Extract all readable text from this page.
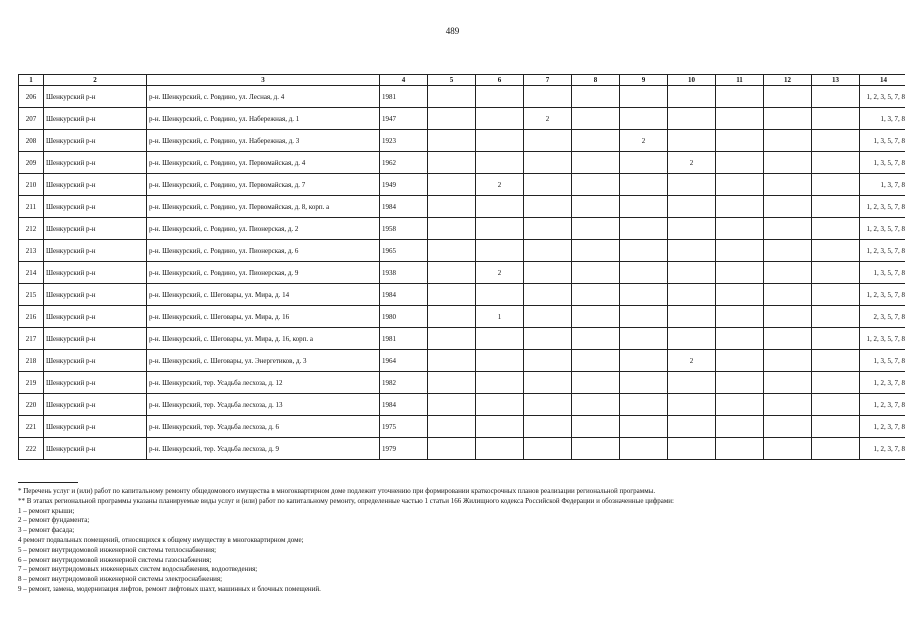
489
1	2	3	4	5	6	7	8	9	10	11	12	13	14
206	Шенкурский р-н	р-н. Шенкурский, с. Ровдино, ул. Лесная, д. 4	1981										1, 2, 3, 5, 7, 8
207	Шенкурский р-н	р-н. Шенкурский, с. Ровдино, ул. Набережная, д. 1	1947			2							1, 3, 7, 8
208	Шенкурский р-н	р-н. Шенкурский, с. Ровдино, ул. Набережная, д. 3	1923					2					1, 3, 5, 7, 8
209	Шенкурский р-н	р-н. Шенкурский, с. Ровдино, ул. Первомайская, д. 4	1962						2				1, 3, 5, 7, 8
210	Шенкурский р-н	р-н. Шенкурский, с. Ровдино, ул. Первомайская, д. 7	1949		2								1, 3, 7, 8
211	Шенкурский р-н	р-н. Шенкурский, с. Ровдино, ул. Первомайская, д. 8, корп. а	1984										1, 2, 3, 5, 7, 8
212	Шенкурский р-н	р-н. Шенкурский, с. Ровдино, ул. Пионерская, д. 2	1958										1, 2, 3, 5, 7, 8
213	Шенкурский р-н	р-н. Шенкурский, с. Ровдино, ул. Пионерская, д. 6	1965										1, 2, 3, 5, 7, 8
214	Шенкурский р-н	р-н. Шенкурский, с. Ровдино, ул. Пионерская, д. 9	1938		2								1, 3, 5, 7, 8
215	Шенкурский р-н	р-н. Шенкурский, с. Шеговары, ул. Мира, д. 14	1984										1, 2, 3, 5, 7, 8
216	Шенкурский р-н	р-н. Шенкурский, с. Шеговары, ул. Мира, д. 16	1980		1								2, 3, 5, 7, 8
217	Шенкурский р-н	р-н. Шенкурский, с. Шеговары, ул. Мира, д. 16, корп. а	1981										1, 2, 3, 5, 7, 8
218	Шенкурский р-н	р-н. Шенкурский, с. Шеговары, ул. Энергетиков, д. 3	1964						2				1, 3, 5, 7, 8
219	Шенкурский р-н	р-н. Шенкурский, тер. Усадьба лесхоза, д. 12	1982										1, 2, 3, 7, 8
220	Шенкурский р-н	р-н. Шенкурский, тер. Усадьба лесхоза, д. 13	1984										1, 2, 3, 7, 8
221	Шенкурский р-н	р-н. Шенкурский, тер. Усадьба лесхоза, д. 6	1975										1, 2, 3, 7, 8
222	Шенкурский р-н	р-н. Шенкурский, тер. Усадьба лесхоза, д. 9	1979										1, 2, 3, 7, 8
* Перечень услуг и (или) работ по капитальному ремонту общедомового имущества в многоквартирном доме подлежит уточнению при формировании краткосрочных планов реализации региональной программы.
** В этапах региональной программы указаны планируемые виды услуг и (или) работ по капитальному ремонту, определенные частью 1 статьи 166 Жилищного кодекса Российской Федерации и обозначенные цифрами:
1 – ремонт крыши;
2 – ремонт фундамента;
3 – ремонт фасада;
4 ремонт подвальных помещений, относящихся к общему имуществу в многоквартирном доме;
5 – ремонт внутридомовой инженерной системы теплоснабжения;
6 – ремонт внутридомовой инженерной системы газоснабжения;
7 – ремонт внутридомовых инженерных систем водоснабжения, водоотведения;
8 – ремонт внутридомовой инженерной системы электроснабжения;
9 – ремонт, замена, модернизация лифтов, ремонт лифтовых шахт, машинных и блочных помещений.
